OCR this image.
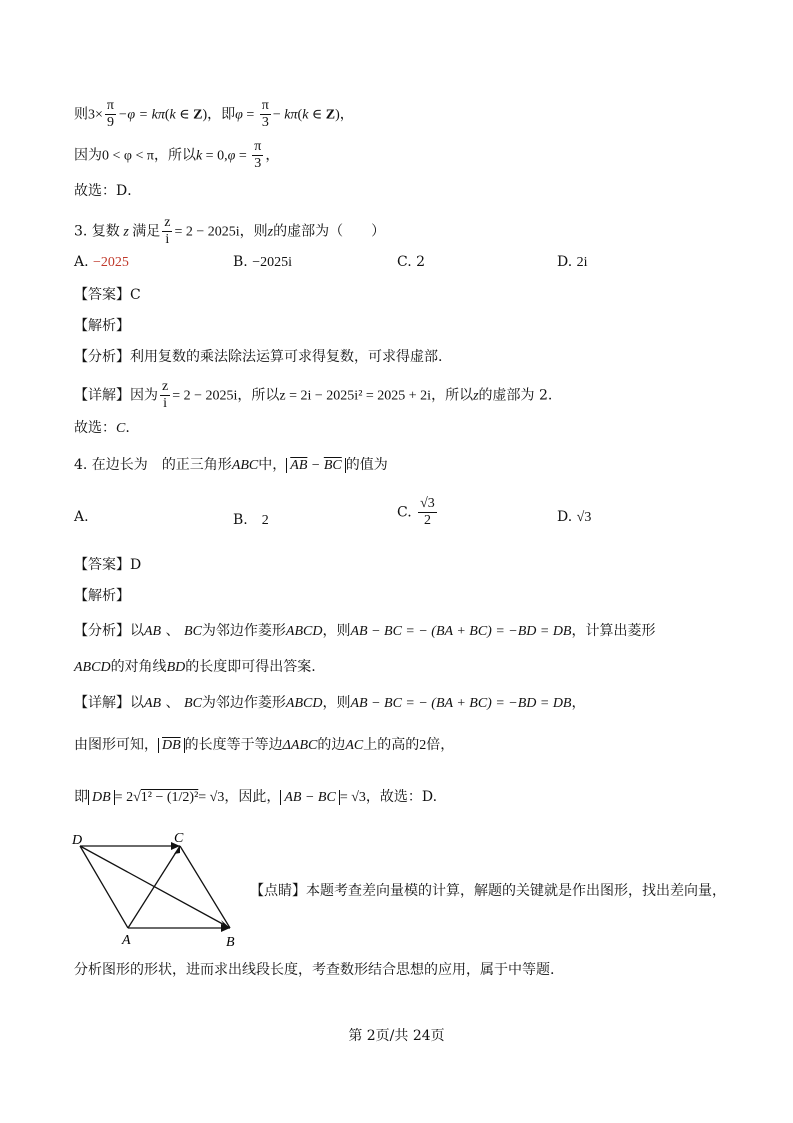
则$3\times \frac{\pi}{9} -\varphi = k\pi(k$ ∈ Z)，即$\varphi = \frac{\pi}{3} - k\pi(k$ ∈ Z)，
因为0 < φ < π，所以$k = 0,\varphi = \frac{\pi}{3}$ ，
故选：D．
3. 复数 z 满足 $\frac{z}{i} = 2 - 2025i$，则z的虚部为（　　）
A. −2025	B. −2025i	C. 2	D. 2i
【答案】C
【解析】
【分析】利用复数的乘法除法运算可求得复数，可求得虚部.
【详解】因为 $\frac{z}{i} = 2 - 2025i$，所以z = 2i − 2025i² = 2025 + 2i，所以z的虚部为 2.
故选：C.
4. 在边长为　 的正三角形ABC中， $\overline{AB} - \overline{BC}$ 的值为
A.	B.　 2	C. $\frac{√3}{2}$	D. √3
【答案】D
【解析】
【分析】以AB 、 BC为邻边作菱形ABCD，则AB − BC = − (BA + BC) = −BD = DB，计算出菱形
ABCD的对角线BD的长度即可得出答案.
【详解】以AB 、 BC为邻边作菱形ABCD，则AB − BC = − (BA + BC) = −BD = DB，
由图形可知， $\overline{DB}$ 的长度等于等边ΔABC的边AC上的高的2倍，
即 DB = 2√1² − (1/2)²= √3，因此， AB − BC = √3，故选：D.
D	C
A	B
【点睛】本题考查差向量模的计算，解题的关键就是作出图形，找出差向量，
分析图形的形状，进而求出线段长度，考查数形结合思想的应用，属于中等题.
第 2页/共 24页
